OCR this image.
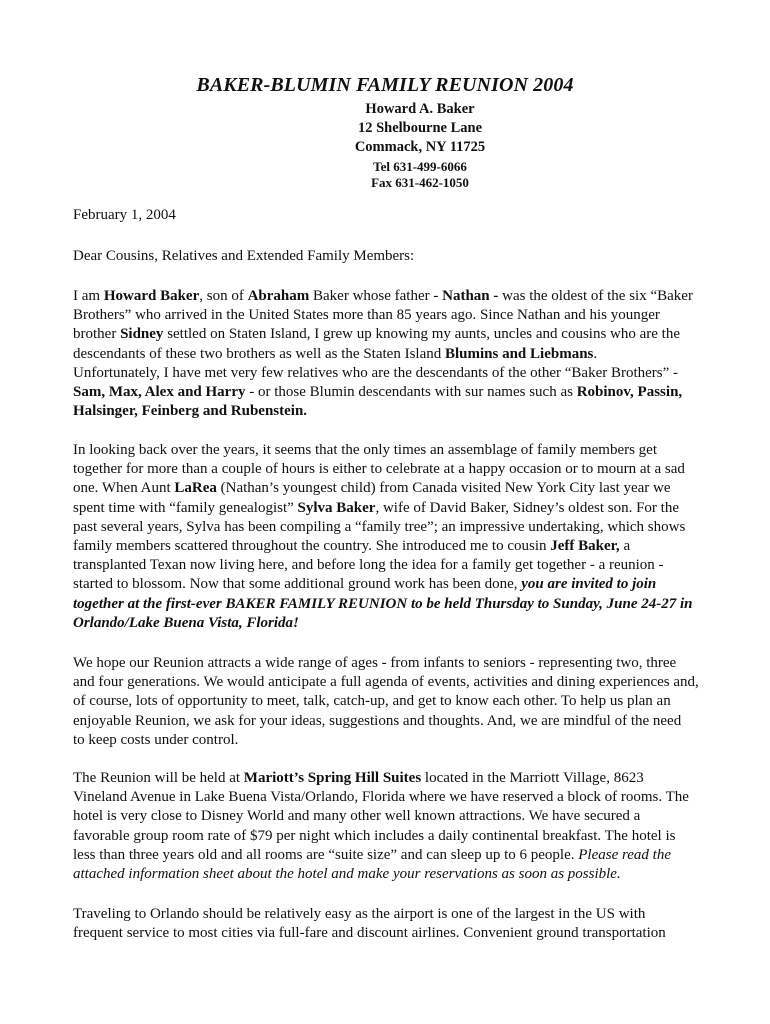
BAKER-BLUMIN FAMILY REUNION 2004
Howard A. Baker
12 Shelbourne Lane
Commack, NY 11725
Tel 631-499-6066
Fax 631-462-1050
February 1, 2004
Dear Cousins, Relatives and Extended Family Members:
I am Howard Baker, son of Abraham Baker whose father - Nathan - was the oldest of the six “Baker
Brothers” who arrived in the United States more than 85 years ago. Since Nathan and his younger
brother Sidney settled on Staten Island, I grew up knowing my aunts, uncles and cousins who are the
descendants of these two brothers as well as the Staten Island Blumins and Liebmans.
Unfortunately, I have met very few relatives who are the descendants of the other “Baker Brothers” -
Sam, Max, Alex and Harry - or those Blumin descendants with sur names such as Robinov, Passin,
Halsinger, Feinberg and Rubenstein.
In looking back over the years, it seems that the only times an assemblage of family members get
together for more than a couple of hours is either to celebrate at a happy occasion or to mourn at a sad
one. When Aunt LaRea (Nathan’s youngest child) from Canada visited New York City last year we
spent time with “family genealogist” Sylva Baker, wife of David Baker, Sidney’s oldest son. For the
past several years, Sylva has been compiling a “family tree”; an impressive undertaking, which shows
family members scattered throughout the country. She introduced me to cousin Jeff Baker, a
transplanted Texan now living here, and before long the idea for a family get together - a reunion -
started to blossom. Now that some additional ground work has been done, you are invited to join
together at the first-ever BAKER FAMILY REUNION to be held Thursday to Sunday, June 24-27 in
Orlando/Lake Buena Vista, Florida!
We hope our Reunion attracts a wide range of ages - from infants to seniors - representing two, three
and four generations. We would anticipate a full agenda of events, activities and dining experiences and,
of course, lots of opportunity to meet, talk, catch-up, and get to know each other. To help us plan an
enjoyable Reunion, we ask for your ideas, suggestions and thoughts. And, we are mindful of the need
to keep costs under control.
The Reunion will be held at Mariott’s Spring Hill Suites located in the Marriott Village, 8623
Vineland Avenue in Lake Buena Vista/Orlando, Florida where we have reserved a block of rooms. The
hotel is very close to Disney World and many other well known attractions. We have secured a
favorable group room rate of $79 per night which includes a daily continental breakfast. The hotel is
less than three years old and all rooms are “suite size” and can sleep up to 6 people. Please read the
attached information sheet about the hotel and make your reservations as soon as possible.
Traveling to Orlando should be relatively easy as the airport is one of the largest in the US with
frequent service to most cities via full-fare and discount airlines. Convenient ground transportation
